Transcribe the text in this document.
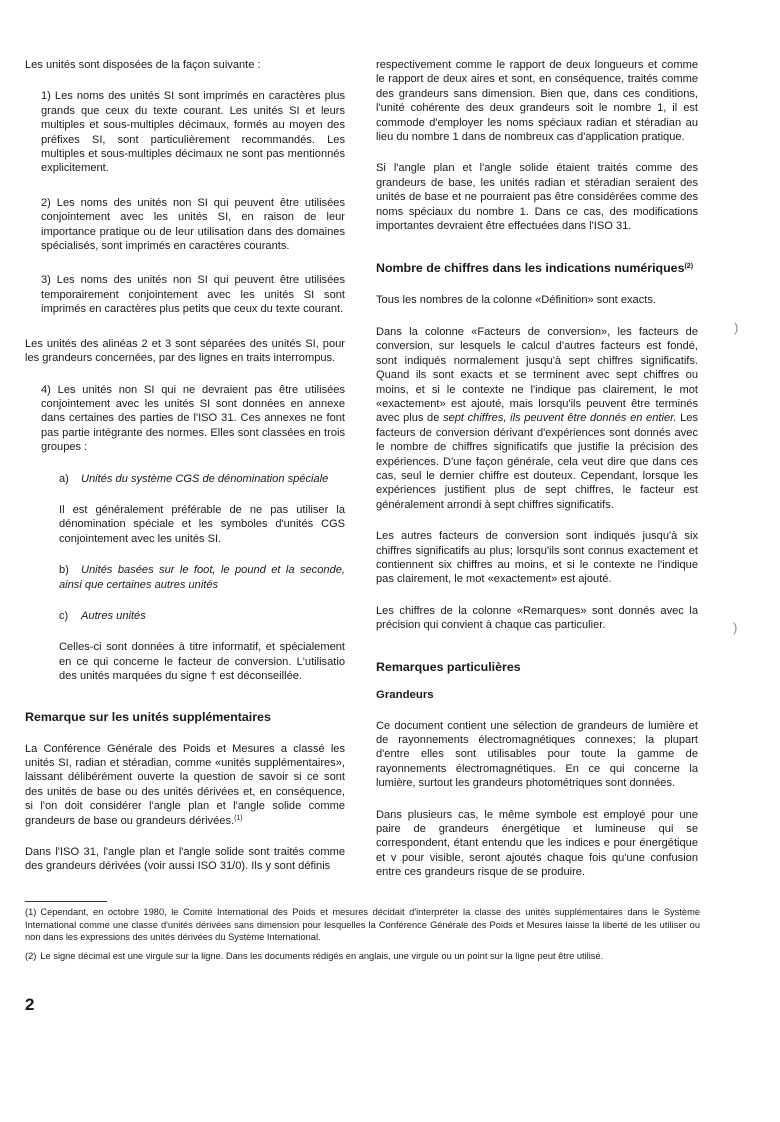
Les unités sont disposées de la façon suivante :

1) Les noms des unités SI sont imprimés en caractères plus grands que ceux du texte courant. Les unités SI et leurs multiples et sous-multiples décimaux, formés au moyen des préfixes SI, sont particulièrement recommandés. Les multiples et sous-multiples décimaux ne sont pas mentionnés explicitement.

2) Les noms des unités non SI qui peuvent être utilisées conjointement avec les unités SI, en raison de leur importance pratique ou de leur utilisation dans des domaines spécialisés, sont imprimés en caractères courants.

3) Les noms des unités non SI qui peuvent être utilisées temporairement conjointement avec les unités SI sont imprimés en caractères plus petits que ceux du texte courant.

Les unités des alinéas 2 et 3 sont séparées des unités SI, pour les grandeurs concernées, par des lignes en traits interrompus.

4) Les unités non SI qui ne devraient pas être utilisées conjointement avec les unités SI sont données en annexe dans certaines des parties de l'ISO 31. Ces annexes ne font pas partie intégrante des normes. Elles sont classées en trois groupes :

a) Unités du système CGS de dénomination spéciale

Il est généralement préférable de ne pas utiliser la dénomination spéciale et les symboles d'unités CGS conjointement avec les unités SI.

b) Unités basées sur le foot, le pound et la seconde, ainsi que certaines autres unités

c) Autres unités

Celles-ci sont données à titre informatif, et spécialement en ce qui concerne le facteur de conversion. L'utilisatio des unités marquées du signe † est déconseillée.

Remarque sur les unités supplémentaires

La Conférence Générale des Poids et Mesures a classé les unités SI, radian et stéradian, comme «unités supplémentaires», laissant délibérément ouverte la question de savoir si ce sont des unités de base ou des unités dérivées et, en conséquence, si l'on doit considérer l'angle plan et l'angle solide comme grandeurs de base ou grandeurs dérivées.$^{(1)}$

Dans l'ISO 31, l'angle plan et l'angle solide sont traités comme des grandeurs dérivées (voir aussi ISO 31/0). Ils y sont définis

respectivement comme le rapport de deux longueurs et comme le rapport de deux aires et sont, en conséquence, traités comme des grandeurs sans dimension. Bien que, dans ces conditions, l'unité cohérente des deux grandeurs soit le nombre 1, il est commode d'employer les noms spéciaux radian et stéradian au lieu du nombre 1 dans de nombreux cas d'application pratique.

Si l'angle plan et l'angle solide étaient traités comme des grandeurs de base, les unités radian et stéradian seraient des unités de base et ne pourraient pas être considérées comme des noms spéciaux du nombre 1. Dans ce cas, des modifications importantes devraient être effectuées dans l'ISO 31.

Nombre de chiffres dans les indications numériques$^{(2)}$

Tous les nombres de la colonne «Définition» sont exacts.

Dans la colonne «Facteurs de conversion», les facteurs de conversion, sur lesquels le calcul d'autres facteurs est fondé, sont indiqués normalement jusqu'à sept chiffres significatifs. Quand ils sont exacts et se terminent avec sept chiffres ou moins, et si le contexte ne l'indique pas clairement, le mot «exactement» est ajouté, mais lorsqu'ils peuvent être terminés avec plus de sept chiffres, ils peuvent être donnés en entier. Les facteurs de conversion dérivant d'expériences sont donnés avec le nombre de chiffres significatifs que justifie la précision des expériences. D'une façon générale, cela veut dire que dans ces cas, seul le dernier chiffre est douteux. Cependant, lorsque les expériences justifient plus de sept chiffres, le facteur est généralement arrondi à sept chiffres significatifs.

Les autres facteurs de conversion sont indiqués jusqu'à six chiffres significatifs au plus; lorsqu'ils sont connus exactement et contiennent six chiffres au moins, et si le contexte ne l'indique pas clairement, le mot «exactement» est ajouté.

Les chiffres de la colonne «Remarques» sont donnés avec la précision qui convient à chaque cas particulier.

Remarques particulières
Grandeurs

Ce document contient une sélection de grandeurs de lumière et de rayonnements électromagnétiques connexes; la plupart d'entre elles sont utilisables pour toute la gamme de rayonnements électromagnétiques. En ce qui concerne la lumière, surtout les grandeurs photométriques sont données.

Dans plusieurs cas, le même symbole est employé pour une paire de grandeurs énergétique et lumineuse qui se correspondent, étant entendu que les indices e pour énergétique et v pour visible, seront ajoutés chaque fois qu'une confusion entre ces grandeurs risque de se produire.

)
)

(1) Cependant, en octobre 1980, le Comité International des Poids et mesures décidait d'interpréter la classe des unités supplémentaires dans le Système International comme une classe d'unités dérivées sans dimension pour lesquelles la Conférence Générale des Poids et Mesures laisse la liberté de les utiliser ou non dans les expressions des unités dérivées du Système International.

(2) Le signe décimal est une virgule sur la ligne. Dans les documents rédigés en anglais, une virgule ou un point sur la ligne peut être utilisé.

2
